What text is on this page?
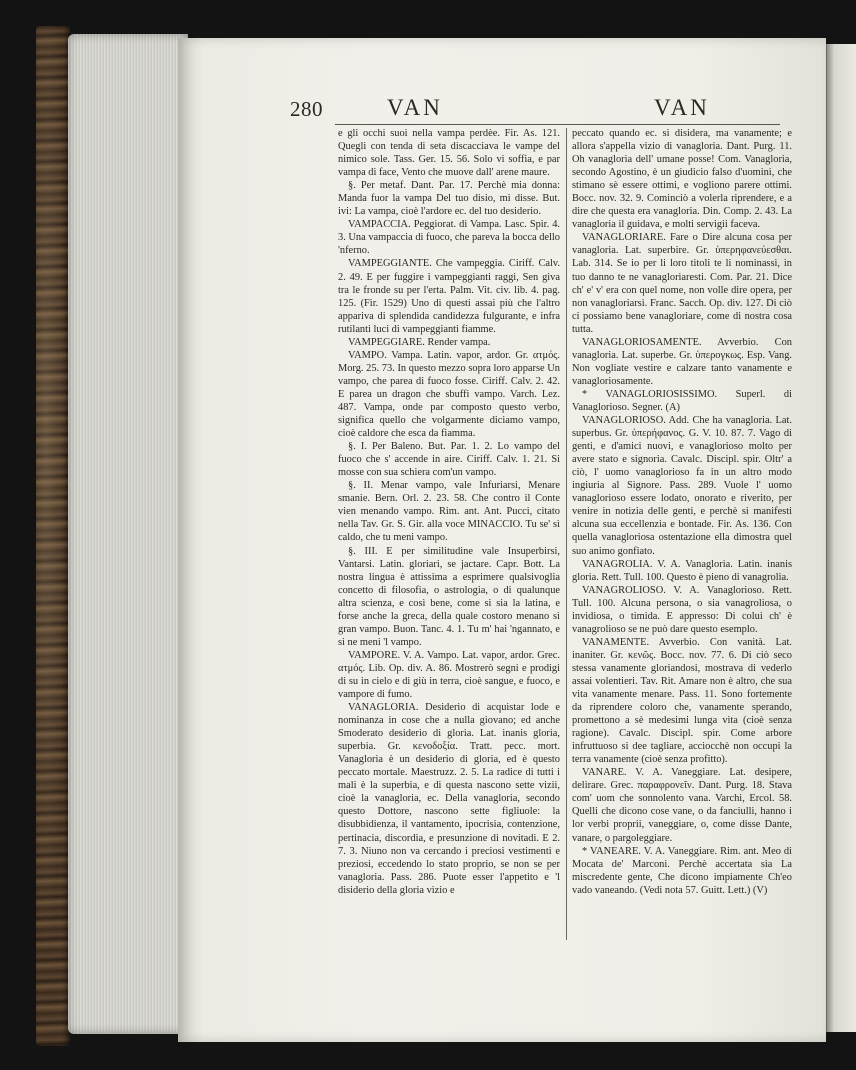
280	VAN	VAN

e gli occhi suoi nella vampa perdèe. Fir. As. 121. Quegli con tenda di seta discacciava le vampe del nimico sole. Tass. Ger. 15. 56. Solo vi soffia, e par vampa di face, Vento che muove dall' arene maure.

§. Per metaf. Dant. Par. 17. Perchè mia donna: Manda fuor la vampa Del tuo disio, mi disse. But. ivi: La vampa, cioè l'ardore ec. del tuo desiderio.

VAMPACCIA. Peggiorat. di Vampa. Lasc. Spir. 4. 3. Una vampaccia di fuoco, che pareva la bocca dello 'nferno.

VAMPEGGIANTE. Che vampeggia. Ciriff. Calv. 2. 49. E per fuggire i vampeggianti raggi, Sen giva tra le fronde su per l'erta. Palm. Vit. civ. lib. 4. pag. 125. (Fir. 1529) Uno di questi assai più che l'altro appariva di splendida candidezza fulgurante, e infra rutilanti luci di vampeggianti fiamme.

VAMPEGGIARE. Render vampa.

VAMPO. Vampa. Latin. vapor, ardor. Gr. ατμός. Morg. 25. 73. In questo mezzo sopra loro apparse Un vampo, che parea di fuoco fosse. Ciriff. Calv. 2. 42. E parea un dragon che sbuffi vampo. Varch. Lez. 487. Vampa, onde par composto questo verbo, significa quello che volgarmente diciamo vampo, cioè caldore che esca da fiamma.

§. I. Per Baleno. But. Par. 1. 2. Lo vampo del fuoco che s' accende in aire. Ciriff. Calv. 1. 21. Si mosse con sua schiera com'un vampo.

§. II. Menar vampo, vale Infuriarsi, Menare smanie. Bern. Orl. 2. 23. 58. Che contro il Conte vien menando vampo. Rim. ant. Ant. Pucci, citato nella Tav. Gr. S. Gir. alla voce MINACCIO. Tu se' sì caldo, che tu meni vampo.

§. III. E per similitudine vale Insuperbirsi, Vantarsi. Latin. gloriari, se jactare. Capr. Bott. La nostra lingua è attissima a esprimere qualsivoglia concetto di filosofia, o astrologia, o di qualunque altra scienza, e così bene, come si sia la latina, e forse anche la greca, della quale costoro menano sì gran vampo. Buon. Tanc. 4. 1. Tu m' hai 'ngannato, e si ne meni 'l vampo.

VAMPORE. V. A. Vampo. Lat. vapor, ardor. Grec. ατμός. Lib. Op. div. A. 86. Mostrerò segni e prodigi di su in cielo e di giù in terra, cioè sangue, e fuoco, e vampore di fumo.

VANAGLORIA. Desiderio di acquistar lode e nominanza in cose che a nulla giovano; ed anche Smoderato desiderio di gloria. Lat. inanis gloria, superbia. Gr. κενοδοξία. Tratt. pecc. mort. Vanagloria è un desiderio di gloria, ed è questo peccato mortale. Maestruzz. 2. 5. La radice di tutti i mali è la superbia, e di questa nascono sette vizii, cioè la vanagloria, ec. Della vanagloria, secondo questo Dottore, nascono sette figliuole: la disubbidienza, il vantamento, ipocrisia, contenzione, pertinacia, discordia, e presunzione di novitadi. E 2. 7. 3. Niuno non va cercando i preciosi vestimenti e preziosi, eccedendo lo stato proprio, se non se per vanagloria. Pass. 286. Puote esser l'appetito e 'l disiderio della gloria vizio e

peccato quando ec. si disidera, ma vanamente; e allora s'appella vizio di vanagloria. Dant. Purg. 11. Oh vanagloria dell' umane posse! Com. Vanagloria, secondo Agostino, è un giudicio falso d'uomini, che stimano sè essere ottimi, e vogliono parere ottimi. Bocc. nov. 32. 9. Cominciò a volerla riprendere, e a dire che questa era vanagloria. Din. Comp. 2. 43. La vanagloria il guidava, e molti servigii faceva.

VANAGLORIARE. Fare o Dire alcuna cosa per vanagloria. Lat. superbire. Gr. ὑπερηφανεύεσθαι. Lab. 314. Se io per li loro titoli te li nominassi, in tuo danno te ne vanagloriaresti. Com. Par. 21. Dice ch' e' v' era con quel nome, non volle dire opera, per non vanagloriarsi. Franc. Sacch. Op. div. 127. Di ciò ci possiamo bene vanagloriare, come di nostra cosa tutta.

VANAGLORIOSAMENTE. Avverbio. Con vanagloria. Lat. superbe. Gr. ὑπερογκως. Esp. Vang. Non vogliate vestire e calzare tanto vanamente e vanagloriosamente.

* VANAGLORIOSISSIMO. Superl. di Vanaglorioso. Segner. (A)

VANAGLORIOSO. Add. Che ha vanagloria. Lat. superbus. Gr. ὑπερήφανος. G. V. 10. 87. 7. Vago di genti, e d'amici nuovi, e vanaglorioso molto per avere stato e signoria. Cavalc. Discipl. spir. Oltr' a ciò, l' uomo vanaglorioso fa in un altro modo ingiuria al Signore. Pass. 289. Vuole l' uomo vanaglorioso essere lodato, onorato e riverito, per venire in notizia delle genti, e perchè si manifesti alcuna sua eccellenzia e bontade. Fir. As. 136. Con quella vanagloriosa ostentazione ella dimostra quel suo animo gonfiato.

VANAGROLIA. V. A. Vanagloria. Latin. inanis gloria. Rett. Tull. 100. Questo è pieno di vanagrolia.

VANAGROLIOSO. V. A. Vanaglorioso. Rett. Tull. 100. Alcuna persona, o sia vanagroliosa, o invidiosa, o timida. E appresso: Di colui ch' è vanagrolioso se ne può dare questo esemplo.

VANAMENTE. Avverbio. Con vanità. Lat. inaniter. Gr. κενῶς. Bocc. nov. 77. 6. Di ciò seco stessa vanamente gloriandosi, mostrava di vederlo assai volentieri. Tav. Rit. Amare non è altro, che sua vita vanamente menare. Pass. 11. Sono fortemente da riprendere coloro che, vanamente sperando, promettono a sè medesimi lunga vita (cioè senza ragione). Cavalc. Discipl. spir. Come arbore infruttuoso si dee tagliare, acciocchè non occupi la terra vanamente (cioè senza profitto).

VANARE. V. A. Vaneggiare. Lat. desipere, delirare. Grec. παραφρονεῖν. Dant. Purg. 18. Stava com' uom che sonnolento vana. Varchi, Ercol. 58. Quelli che dicono cose vane, o da fanciulli, hanno i lor verbi proprii, vaneggiare, o, come disse Dante, vanare, o pargoleggiare.

* VANEARE. V. A. Vaneggiare. Rim. ant. Meo di Mocata de' Marconi. Perchè accertata sia La miscredente gente, Che dicono impiamente Ch'eo vado vaneando. (Vedi nota 57. Guitt. Lett.) (V)
